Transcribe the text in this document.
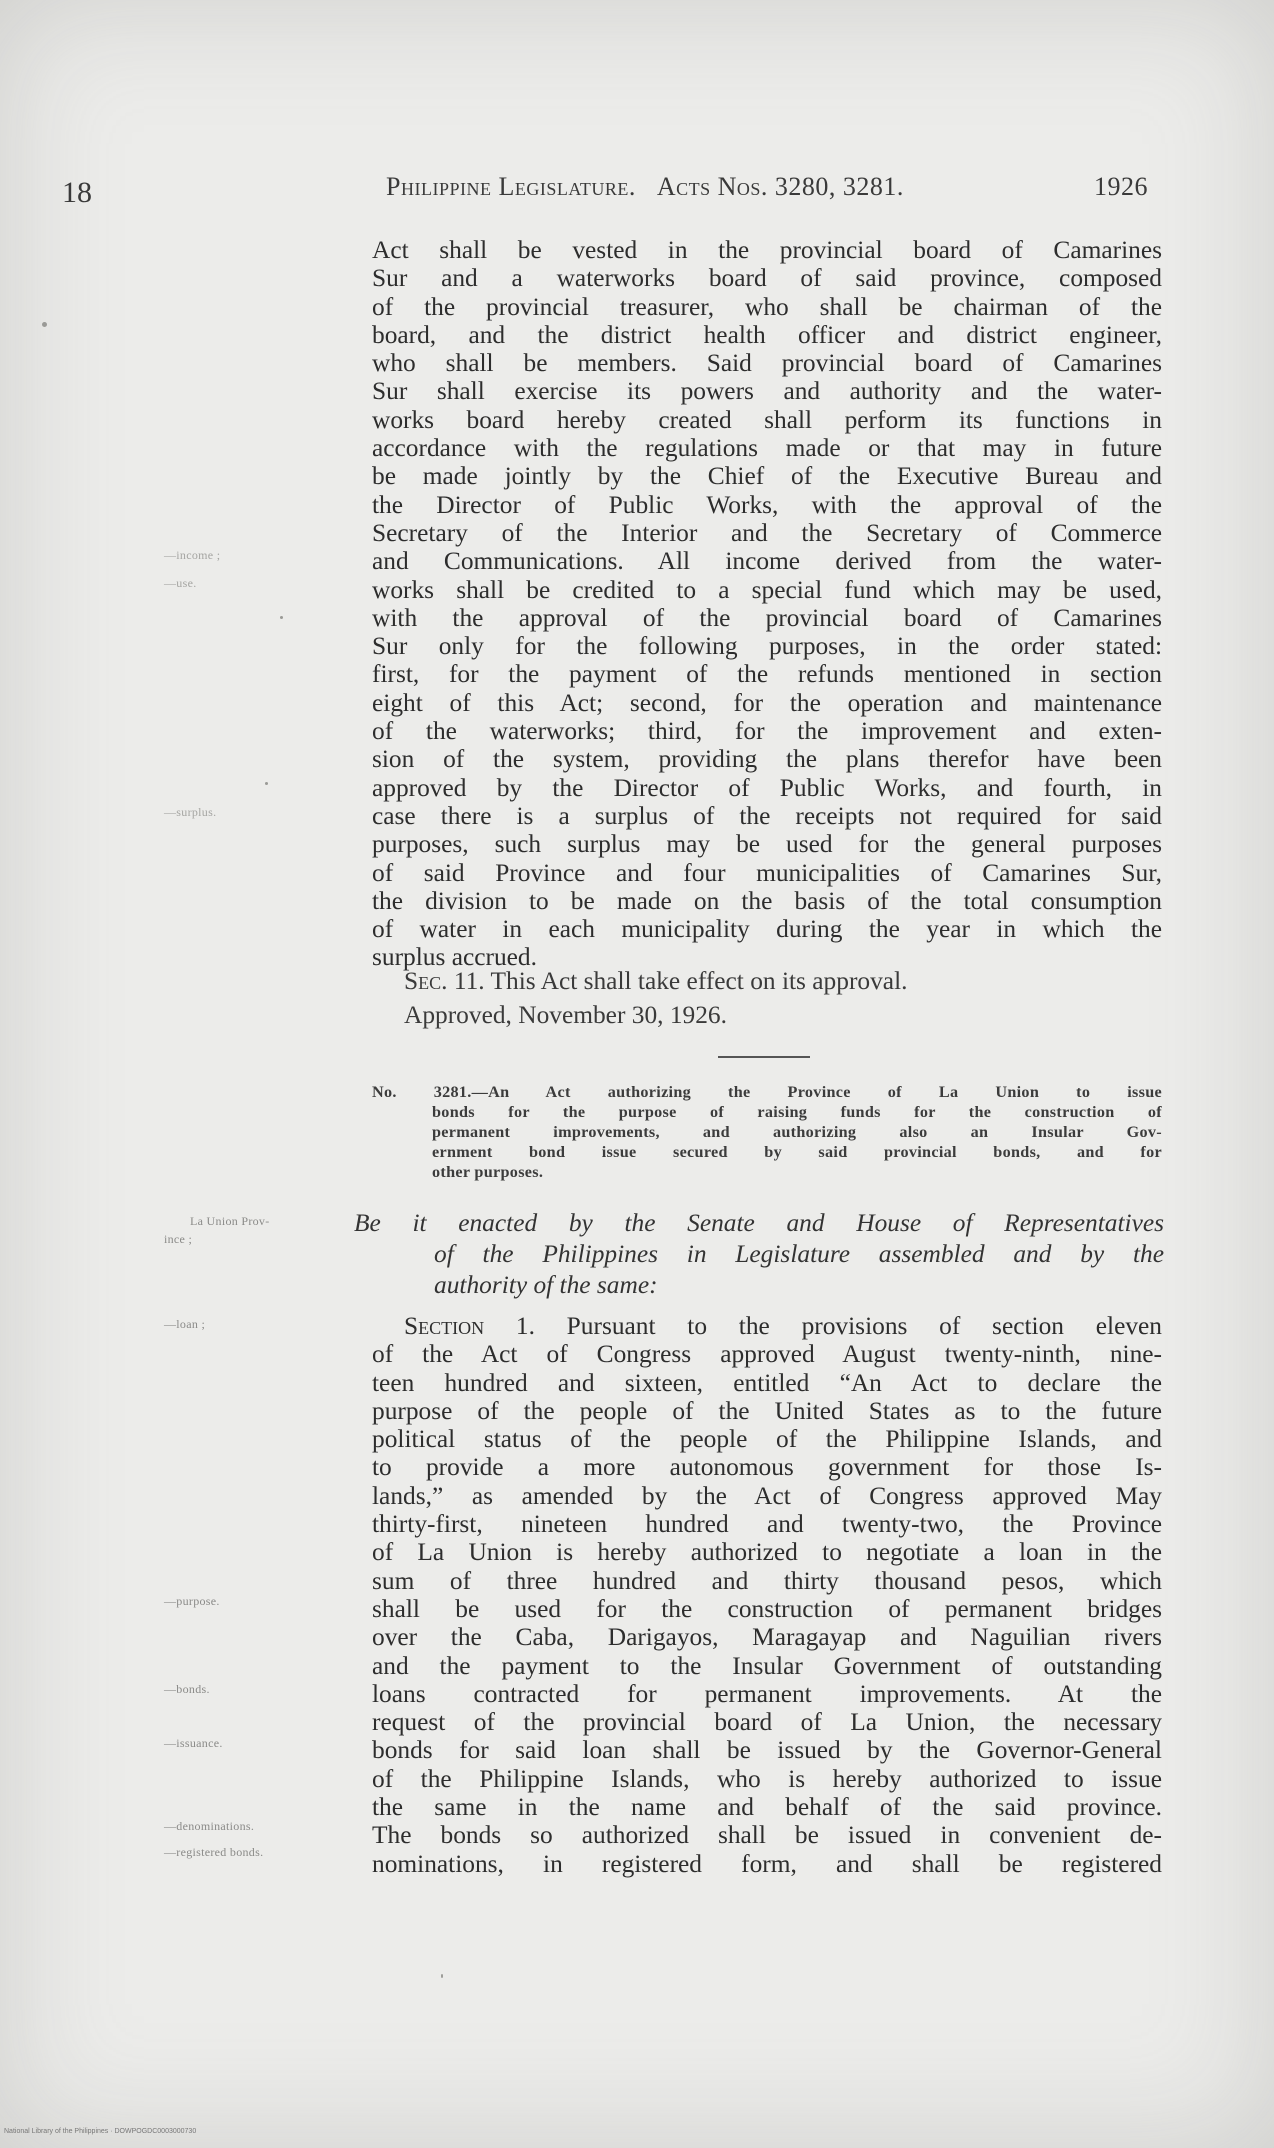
18	Philippine Legislature. Acts Nos. 3280, 3281.	1926

Act shall be vested in the provincial board of Camarines
Sur and a waterworks board of said province, composed
of the provincial treasurer, who shall be chairman of the
board, and the district health officer and district engineer,
who shall be members. Said provincial board of Camarines
Sur shall exercise its powers and authority and the water-
works board hereby created shall perform its functions in
accordance with the regulations made or that may in future
be made jointly by the Chief of the Executive Bureau and
the Director of Public Works, with the approval of the
Secretary of the Interior and the Secretary of Commerce
and Communications. All income derived from the water-
works shall be credited to a special fund which may be used,
with the approval of the provincial board of Camarines
Sur only for the following purposes, in the order stated:
first, for the payment of the refunds mentioned in section
eight of this Act; second, for the operation and maintenance
of the waterworks; third, for the improvement and exten-
sion of the system, providing the plans therefor have been
approved by the Director of Public Works, and fourth, in
case there is a surplus of the receipts not required for said
purposes, such surplus may be used for the general purposes
of said Province and four municipalities of Camarines Sur,
the division to be made on the basis of the total consumption
of water in each municipality during the year in which the
surplus accrued.

Sec. 11. This Act shall take effect on its approval.

Approved, November 30, 1926.

No. 3281.—An Act authorizing the Province of La Union to issue
bonds for the purpose of raising funds for the construction of
permanent improvements, and authorizing also an Insular Gov-
ernment bond issue secured by said provincial bonds, and for
other purposes.
Be it enacted by the Senate and House of Representatives
of the Philippines in Legislature assembled and by the
authority of the same:

Section 1. Pursuant to the provisions of section eleven

of the Act of Congress approved August twenty-ninth, nine-
teen hundred and sixteen, entitled “An Act to declare the
purpose of the people of the United States as to the future
political status of the people of the Philippine Islands, and
to provide a more autonomous government for those Is-
lands,” as amended by the Act of Congress approved May
thirty-first, nineteen hundred and twenty-two, the Province
of La Union is hereby authorized to negotiate a loan in the
sum of three hundred and thirty thousand pesos, which
shall be used for the construction of permanent bridges
over the Caba, Darigayos, Maragayap and Naguilian rivers
and the payment to the Insular Government of outstanding
loans contracted for permanent improvements. At the
request of the provincial board of La Union, the necessary
bonds for said loan shall be issued by the Governor-General
of the Philippine Islands, who is hereby authorized to issue
the same in the name and behalf of the said province.
The bonds so authorized shall be issued in convenient de-
nominations, in registered form, and shall be registered

—income ;
—use.
—surplus.
La Union Prov-
ince ;
—loan ;
—purpose.
—bonds.
—issuance.
—denominations.
—registered bonds.
National Library of the Philippines · DOWPOGDC0003000730
